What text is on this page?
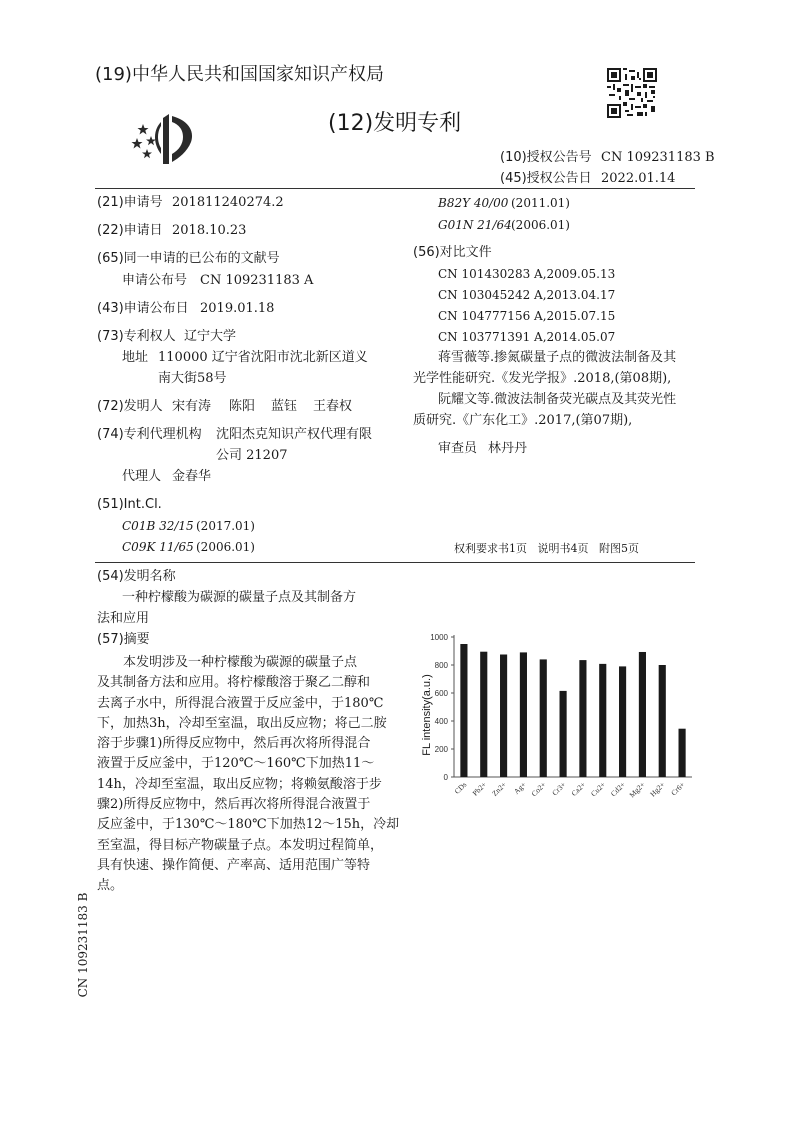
(19)中华人民共和国国家知识产权局
(12)发明专利
(10)授权公告号 CN 109231183 B
(45)授权公告日 2022.01.14
(21)申请号 201811240274.2
(22)申请日 2018.10.23
(65)同一申请的已公布的文献号
申请公布号 CN 109231183 A
(43)申请公布日 2019.01.18
(73)专利权人 辽宁大学
地址 110000 辽宁省沈阳市沈北新区道义
南大街58号
(72)发明人 宋有涛 陈阳 蓝钰 王春权
(74)专利代理机构 沈阳杰克知识产权代理有限
公司 21207
代理人 金春华
(51)Int.Cl.
C01B 32/15 (2017.01)
C09K 11/65 (2006.01)
B82Y 40/00 (2011.01)
G01N 21/64 (2006.01)
(56)对比文件
CN 101430283 A,2009.05.13
CN 103045242 A,2013.04.17
CN 104777156 A,2015.07.15
CN 103771391 A,2014.05.07
蒋雪薇等.掺氮碳量子点的微波法制备及其
光学性能研究.《发光学报》.2018,(第08期),
阮耀文等.微波法制备荧光碳点及其荧光性
质研究.《广东化工》.2017,(第07期),
审查员 林丹丹
权利要求书1页   说明书4页   附图5页
(54)发明名称
一种柠檬酸为碳源的碳量子点及其制备方
法和应用
(57)摘要
本发明涉及一种柠檬酸为碳源的碳量子点
及其制备方法和应用。将柠檬酸溶于聚乙二醇和
去离子水中，所得混合液置于反应釜中，于180℃
下，加热3h，冷却至室温，取出反应物；将己二胺
溶于步骤1)所得反应物中，然后再次将所得混合
液置于反应釜中，于120℃～160℃下加热11～
14h，冷却至室温，取出反应物；将赖氨酸溶于步
骤2)所得反应物中，然后再次将所得混合液置于
反应釜中，于130℃～180℃下加热12～15h，冷却
至室温，得目标产物碳量子点。本发明过程简单，
具有快速、操作简便、产率高、适用范围广等特
点。
CN 109231183 B
0
200
400
600
800
1000
CDs Pb2+ Zn2+ Ag+ Co2+ Cr3+ Ca2+ Cu2+ Cd2+ Mg2+ Hg2+ Cr6+
FL intensity(a.u.)
